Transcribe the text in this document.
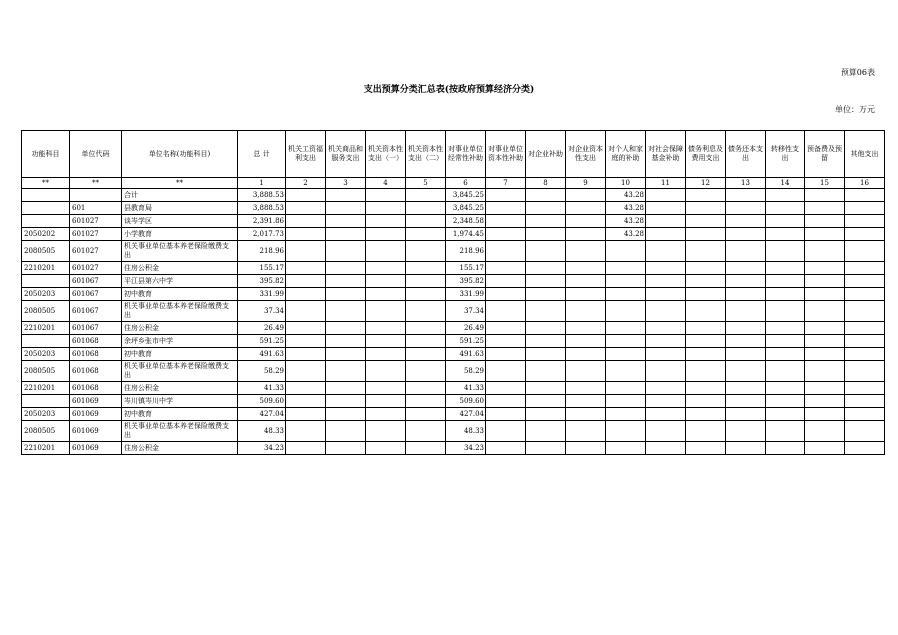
预算06表
支出预算分类汇总表(按政府预算经济分类)
单位：万元
功能科目	单位代码	单位名称(功能科目)	总 计	机关工资福利支出	机关商品和服务支出	机关资本性支出（一）	机关资本性支出（二）	对事业单位经常性补助	对事业单位资本性补助	对企业补助	对企业资本性支出	对个人和家庭的补助	对社会保障基金补助	债务利息及费用支出	债务还本支出	转移性支出	预备费及预留	其他支出
**	**	**	1	2	3	4	5	6	7	8	9	10	11	12	13	14	15	16
		合计	3,888.53					3,845.25				43.28						
	601	县教育局	3,888.53					3,845.25				43.28						
	601027	谈岑学区	2,391.86					2,348.58				43.28						
2050202	601027	小学教育	2,017.73					1,974.45				43.28						
2080505	601027	机关事业单位基本养老保险缴费支出	218.96					218.96										
2210201	601027	住房公积金	155.17					155.17										
	601067	平江县第六中学	395.82					395.82										
2050203	601067	初中教育	331.99					331.99										
2080505	601067	机关事业单位基本养老保险缴费支出	37.34					37.34										
2210201	601067	住房公积金	26.49					26.49										
	601068	余坪乡张市中学	591.25					591.25										
2050203	601068	初中教育	491.63					491.63										
2080505	601068	机关事业单位基本养老保险缴费支出	58.29					58.29										
2210201	601068	住房公积金	41.33					41.33										
	601069	岑川镇岑川中学	509.60					509.60										
2050203	601069	初中教育	427.04					427.04										
2080505	601069	机关事业单位基本养老保险缴费支出	48.33					48.33										
2210201	601069	住房公积金	34.23					34.23										
